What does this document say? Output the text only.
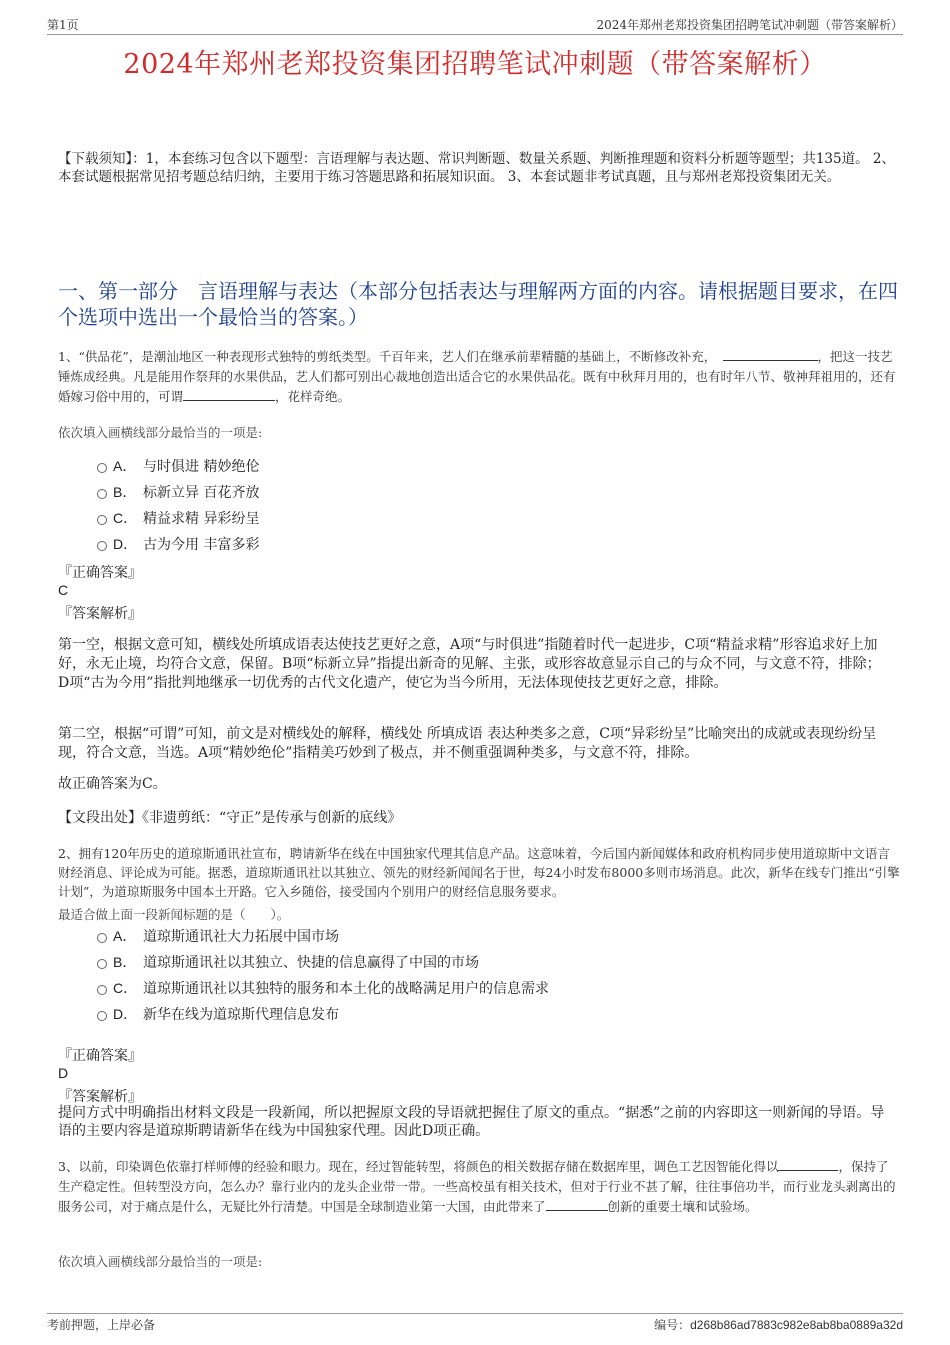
第1页	2024年郑州老郑投资集团招聘笔试冲刺题（带答案解析）
2024年郑州老郑投资集团招聘笔试冲刺题（带答案解析）
【下载须知】：1，本套练习包含以下题型：言语理解与表达题、常识判断题、数量关系题、判断推理题和资料分析题等题型；共135道。 2、本套试题根据常见招考题总结归纳，主要用于练习答题思路和拓展知识面。 3、本套试题非考试真题，且与郑州老郑投资集团无关。
一、第一部分　言语理解与表达（本部分包括表达与理解两方面的内容。请根据题目要求，在四个选项中选出一个最恰当的答案。）
1、“供品花”，是潮汕地区一种表现形式独特的剪纸类型。千百年来，艺人们在继承前辈精髓的基础上，不断修改补充，　	，把这一技艺锤炼成经典。凡是能用作祭拜的水果供品，艺人们都可别出心裁地创造出适合它的水果供品花。既有中秋拜月用的，也有时年八节、敬神拜祖用的，还有婚嫁习俗中用的，可谓	，花样奇绝。
依次填入画横线部分最恰当的一项是:
A． 与时俱进 精妙绝伦
B． 标新立异 百花齐放
C． 精益求精 异彩纷呈
D． 古为今用 丰富多彩
『正确答案』
C
『答案解析』
第一空，根据文意可知，横线处所填成语表达使技艺更好之意，A项“与时俱进”指随着时代一起进步，C项“精益求精”形容追求好上加好，永无止境，均符合文意，保留。B项“标新立异”指提出新奇的见解、主张，或形容故意显示自己的与众不同，与文意不符，排除；D项“古为今用”指批判地继承一切优秀的古代文化遗产，使它为当今所用，无法体现使技艺更好之意，排除。
第二空，根据“可谓”可知，前文是对横线处的解释，横线处 所填成语 表达种类多之意，C项“异彩纷呈”比喻突出的成就或表现纷纷呈现，符合文意，当选。A项“精妙绝伦”指精美巧妙到了极点，并不侧重强调种类多，与文意不符，排除。
故正确答案为C。
【文段出处】《非遗剪纸：“守正”是传承与创新的底线》
2、拥有120年历史的道琼斯通讯社宣布，聘请新华在线在中国独家代理其信息产品。这意味着，今后国内新闻媒体和政府机构同步使用道琼斯中文语言财经消息、评论成为可能。据悉，道琼斯通讯社以其独立、领先的财经新闻闻名于世，每24小时发布8000多则市场消息。此次，新华在线专门推出“引擎计划”，为道琼斯服务中国本土开路。它入乡随俗，接受国内个别用户的财经信息服务要求。
最适合做上面一段新闻标题的是（　　）。
A． 道琼斯通讯社大力拓展中国市场
B． 道琼斯通讯社以其独立、快捷的信息赢得了中国的市场
C． 道琼斯通讯社以其独特的服务和本土化的战略满足用户的信息需求
D． 新华在线为道琼斯代理信息发布
『正确答案』
D
『答案解析』
提问方式中明确指出材料文段是一段新闻，所以把握原文段的导语就把握住了原文的重点。“据悉”之前的内容即这一则新闻的导语。导语的主要内容是道琼斯聘请新华在线为中国独家代理。因此D项正确。
3、以前，印染调色依靠打样师傅的经验和眼力。现在，经过智能转型，将颜色的相关数据存储在数据库里，调色工艺因智能化得以	，保持了生产稳定性。但转型没方向，怎么办？靠行业内的龙头企业带一带。一些高校虽有相关技术，但对于行业不甚了解，往往事倍功半，而行业龙头剥离出的服务公司，对于痛点是什么，无疑比外行清楚。中国是全球制造业第一大国，由此带来了	创新的重要土壤和试验场。
依次填入画横线部分最恰当的一项是:
考前押题，上岸必备	编号：d268b86ad7883c982e8ab8ba0889a32d
